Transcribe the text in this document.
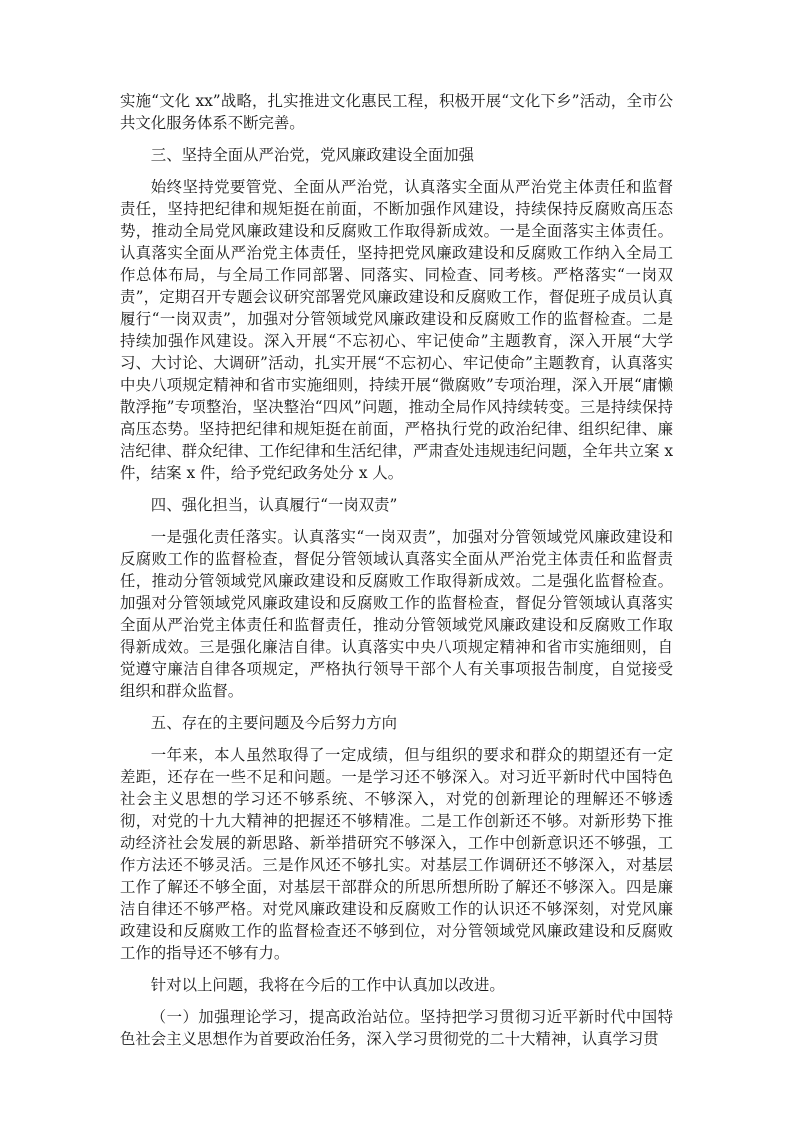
实施“文化 xx”战略，扎实推进文化惠民工程，积极开展“文化下乡”活动，全市公共文化服务体系不断完善。

三、坚持全面从严治党，党风廉政建设全面加强

始终坚持党要管党、全面从严治党，认真落实全面从严治党主体责任和监督责任，坚持把纪律和规矩挺在前面，不断加强作风建设，持续保持反腐败高压态势，推动全局党风廉政建设和反腐败工作取得新成效。一是全面落实主体责任。认真落实全面从严治党主体责任，坚持把党风廉政建设和反腐败工作纳入全局工作总体布局，与全局工作同部署、同落实、同检查、同考核。严格落实“一岗双责”，定期召开专题会议研究部署党风廉政建设和反腐败工作，督促班子成员认真履行“一岗双责”，加强对分管领域党风廉政建设和反腐败工作的监督检查。二是持续加强作风建设。深入开展“不忘初心、牢记使命”主题教育，深入开展“大学习、大讨论、大调研”活动，扎实开展“不忘初心、牢记使命”主题教育，认真落实中央八项规定精神和省市实施细则，持续开展“微腐败”专项治理，深入开展“庸懒散浮拖”专项整治，坚决整治“四风”问题，推动全局作风持续转变。三是持续保持高压态势。坚持把纪律和规矩挺在前面，严格执行党的政治纪律、组织纪律、廉洁纪律、群众纪律、工作纪律和生活纪律，严肃查处违规违纪问题，全年共立案 x 件，结案 x 件，给予党纪政务处分 x 人。

四、强化担当，认真履行“一岗双责”

一是强化责任落实。认真落实“一岗双责”，加强对分管领域党风廉政建设和反腐败工作的监督检查，督促分管领域认真落实全面从严治党主体责任和监督责任，推动分管领域党风廉政建设和反腐败工作取得新成效。二是强化监督检查。加强对分管领域党风廉政建设和反腐败工作的监督检查，督促分管领域认真落实全面从严治党主体责任和监督责任，推动分管领域党风廉政建设和反腐败工作取得新成效。三是强化廉洁自律。认真落实中央八项规定精神和省市实施细则，自觉遵守廉洁自律各项规定，严格执行领导干部个人有关事项报告制度，自觉接受组织和群众监督。

五、存在的主要问题及今后努力方向

一年来，本人虽然取得了一定成绩，但与组织的要求和群众的期望还有一定差距，还存在一些不足和问题。一是学习还不够深入。对习近平新时代中国特色社会主义思想的学习还不够系统、不够深入，对党的创新理论的理解还不够透彻，对党的十九大精神的把握还不够精准。二是工作创新还不够。对新形势下推动经济社会发展的新思路、新举措研究不够深入，工作中创新意识还不够强，工作方法还不够灵活。三是作风还不够扎实。对基层工作调研还不够深入，对基层工作了解还不够全面，对基层干部群众的所思所想所盼了解还不够深入。四是廉洁自律还不够严格。对党风廉政建设和反腐败工作的认识还不够深刻，对党风廉政建设和反腐败工作的监督检查还不够到位，对分管领域党风廉政建设和反腐败工作的指导还不够有力。

针对以上问题，我将在今后的工作中认真加以改进。

（一）加强理论学习，提高政治站位。坚持把学习贯彻习近平新时代中国特色社会主义思想作为首要政治任务，深入学习贯彻党的二十大精神，认真学习贯
